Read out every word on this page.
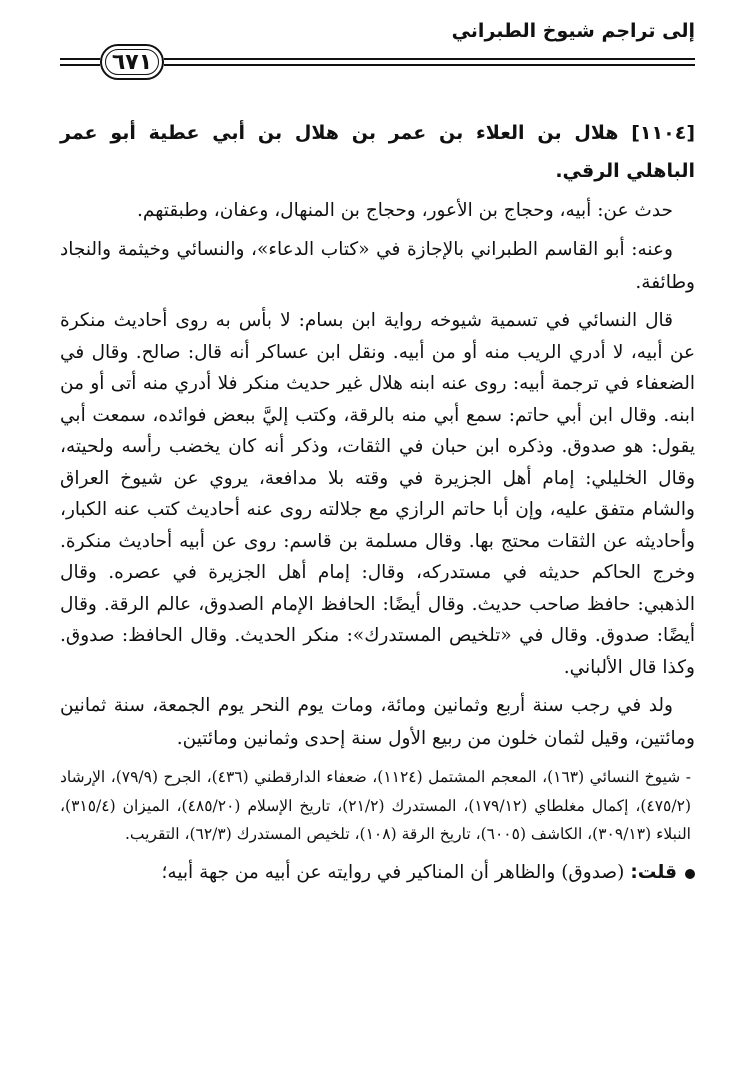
إلى تراجم شيوخ الطبراني
٦٧١
[١١٠٤] هلال بن العلاء بن عمر بن هلال بن أبي عطية أبو عمر الباهلي الرقي.

حدث عن: أبيه، وحجاج بن الأعور، وحجاج بن المنهال، وعفان، وطبقتهم.

وعنه: أبو القاسم الطبراني بالإجازة في «كتاب الدعاء»، والنسائي وخيثمة والنجاد وطائفة.

قال النسائي في تسمية شيوخه رواية ابن بسام: لا بأس به روى أحاديث منكرة عن أبيه، لا أدري الريب منه أو من أبيه. ونقل ابن عساكر أنه قال: صالح. وقال في الضعفاء في ترجمة أبيه: روى عنه ابنه هلال غير حديث منكر فلا أدري منه أتى أو من ابنه. وقال ابن أبي حاتم: سمع أبي منه بالرقة، وكتب إليَّ ببعض فوائده، سمعت أبي يقول: هو صدوق. وذكره ابن حبان في الثقات، وذكر أنه كان يخضب رأسه ولحيته، وقال الخليلي: إمام أهل الجزيرة في وقته بلا مدافعة، يروي عن شيوخ العراق والشام متفق عليه، وإن أبا حاتم الرازي مع جلالته روى عنه أحاديث كتب عنه الكبار، وأحاديثه عن الثقات محتج بها. وقال مسلمة بن قاسم: روى عن أبيه أحاديث منكرة. وخرج الحاكم حديثه في مستدركه، وقال: إمام أهل الجزيرة في عصره. وقال الذهبي: حافظ صاحب حديث. وقال أيضًا: الحافظ الإمام الصدوق، عالم الرقة. وقال أيضًا: صدوق. وقال في «تلخيص المستدرك»: منكر الحديث. وقال الحافظ: صدوق. وكذا قال الألباني.

ولد في رجب سنة أربع وثمانين ومائة، ومات يوم النحر يوم الجمعة، سنة ثمانين ومائتين، وقيل لثمان خلون من ربيع الأول سنة إحدى وثمانين ومائتين.

- شيوخ النسائي (١٦٣)، المعجم المشتمل (١١٢٤)، ضعفاء الدارقطني (٤٣٦)، الجرح (٧٩/٩)، الإرشاد (٤٧٥/٢)، إكمال مغلطاي (١٧٩/١٢)، المستدرك (٢١/٢)، تاريخ الإسلام (٤٨٥/٢٠)، الميزان (٣١٥/٤)، النبلاء (٣٠٩/١٣)، الكاشف (٦٠٠٥)، تاريخ الرقة (١٠٨)، تلخيص المستدرك (٦٢/٣)، التقريب.

قلت:
(صدوق) والظاهر أن المناكير في روايته عن أبيه من جهة أبيه؛
